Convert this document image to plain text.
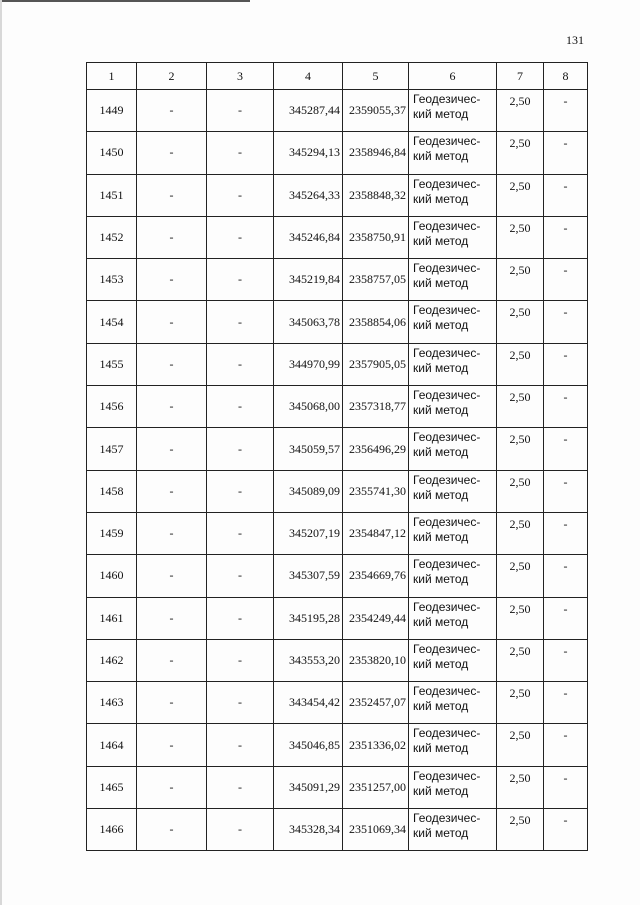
131
1	2	3	4	5	6	7	8
1449	-	-	345287,44	2359055,37	Геодезичес-
кий метод	2,50	-
1450	-	-	345294,13	2358946,84	Геодезичес-
кий метод	2,50	-
1451	-	-	345264,33	2358848,32	Геодезичес-
кий метод	2,50	-
1452	-	-	345246,84	2358750,91	Геодезичес-
кий метод	2,50	-
1453	-	-	345219,84	2358757,05	Геодезичес-
кий метод	2,50	-
1454	-	-	345063,78	2358854,06	Геодезичес-
кий метод	2,50	-
1455	-	-	344970,99	2357905,05	Геодезичес-
кий метод	2,50	-
1456	-	-	345068,00	2357318,77	Геодезичес-
кий метод	2,50	-
1457	-	-	345059,57	2356496,29	Геодезичес-
кий метод	2,50	-
1458	-	-	345089,09	2355741,30	Геодезичес-
кий метод	2,50	-
1459	-	-	345207,19	2354847,12	Геодезичес-
кий метод	2,50	-
1460	-	-	345307,59	2354669,76	Геодезичес-
кий метод	2,50	-
1461	-	-	345195,28	2354249,44	Геодезичес-
кий метод	2,50	-
1462	-	-	343553,20	2353820,10	Геодезичес-
кий метод	2,50	-
1463	-	-	343454,42	2352457,07	Геодезичес-
кий метод	2,50	-
1464	-	-	345046,85	2351336,02	Геодезичес-
кий метод	2,50	-
1465	-	-	345091,29	2351257,00	Геодезичес-
кий метод	2,50	-
1466	-	-	345328,34	2351069,34	Геодезичес-
кий метод	2,50	-
